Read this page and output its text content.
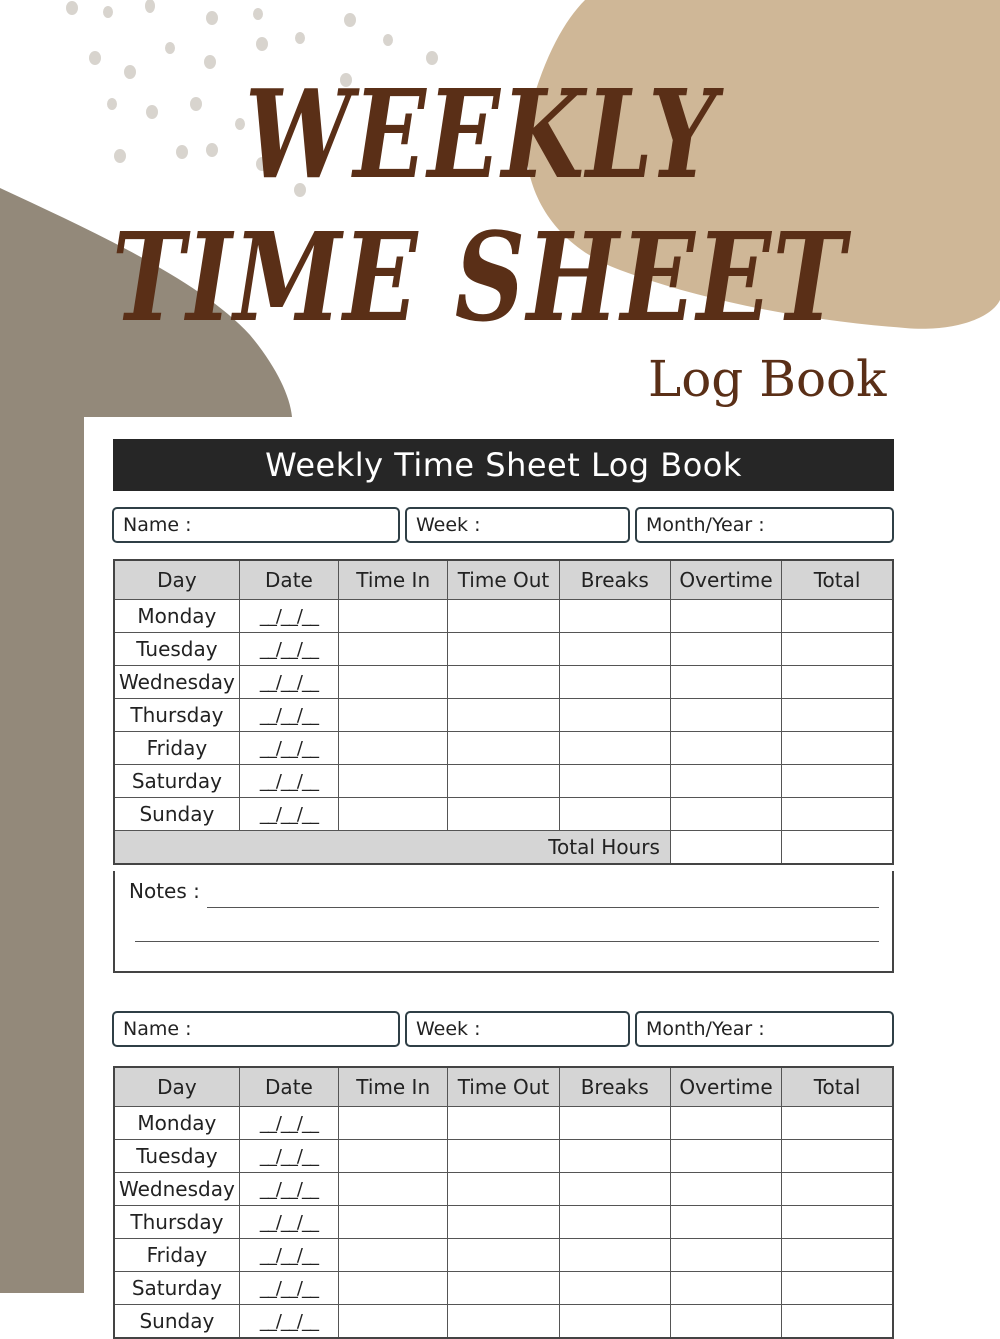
WEEKLY
TIME SHEET
Log Book
Weekly Time Sheet Log Book
Name :	Week :	Month/Year :
Day	Date	Time In	Time Out	Breaks	Overtime	Total
Monday	__/__/__					
Tuesday	__/__/__					
Wednesday	__/__/__					
Thursday	__/__/__					
Friday	__/__/__					
Saturday	__/__/__					
Sunday	__/__/__					
Total Hours						
Notes :
Name :	Week :	Month/Year :
Day	Date	Time In	Time Out	Breaks	Overtime	Total
Monday	__/__/__					
Tuesday	__/__/__					
Wednesday	__/__/__					
Thursday	__/__/__					
Friday	__/__/__					
Saturday	__/__/__					
Sunday	__/__/__					
